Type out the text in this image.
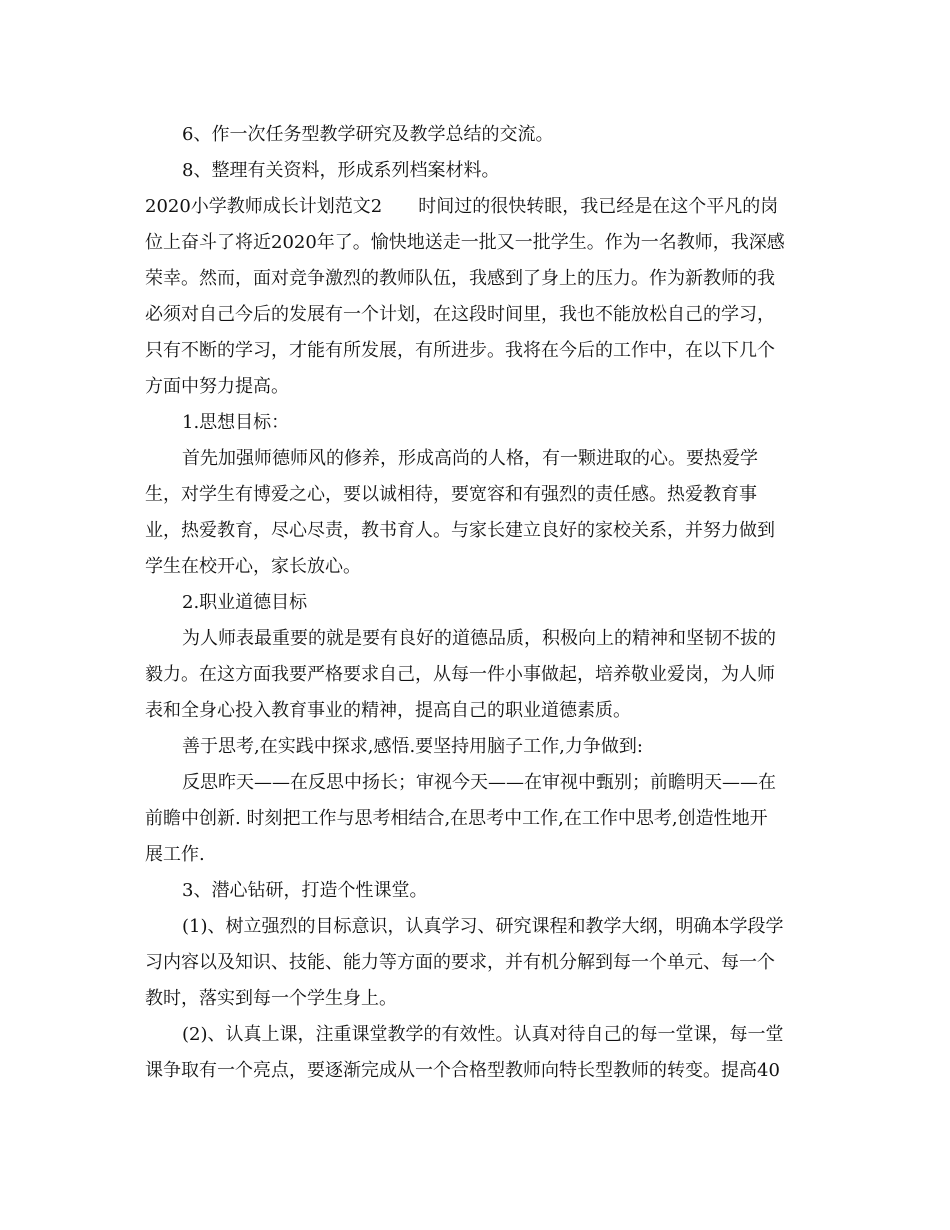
6、作一次任务型教学研究及教学总结的交流。
8、整理有关资料，形成系列档案材料。
2020小学教师成长计划范文2　　时间过的很快转眼，我已经是在这个平凡的岗
位上奋斗了将近2020年了。愉快地送走一批又一批学生。作为一名教师，我深感
荣幸。然而，面对竞争激烈的教师队伍，我感到了身上的压力。作为新教师的我
必须对自己今后的发展有一个计划，在这段时间里，我也不能放松自己的学习，
只有不断的学习，才能有所发展，有所进步。我将在今后的工作中，在以下几个
方面中努力提高。
1.思想目标：
首先加强师德师风的修养，形成高尚的人格，有一颗进取的心。要热爱学
生，对学生有博爱之心，要以诚相待，要宽容和有强烈的责任感。热爱教育事
业，热爱教育，尽心尽责，教书育人。与家长建立良好的家校关系，并努力做到
学生在校开心，家长放心。
2.职业道德目标
为人师表最重要的就是要有良好的道德品质，积极向上的精神和坚韧不拔的
毅力。在这方面我要严格要求自己，从每一件小事做起，培养敬业爱岗，为人师
表和全身心投入教育事业的精神，提高自己的职业道德素质。
善于思考,在实践中探求,感悟.要坚持用脑子工作,力争做到:
反思昨天——在反思中扬长；审视今天——在审视中甄别；前瞻明天——在
前瞻中创新. 时刻把工作与思考相结合,在思考中工作,在工作中思考,创造性地开
展工作.
3、潜心钻研，打造个性课堂。
(1)、树立强烈的目标意识，认真学习、研究课程和教学大纲，明确本学段学
习内容以及知识、技能、能力等方面的要求，并有机分解到每一个单元、每一个
教时，落实到每一个学生身上。
(2)、认真上课，注重课堂教学的有效性。认真对待自己的每一堂课，每一堂
课争取有一个亮点，要逐渐完成从一个合格型教师向特长型教师的转变。提高40
